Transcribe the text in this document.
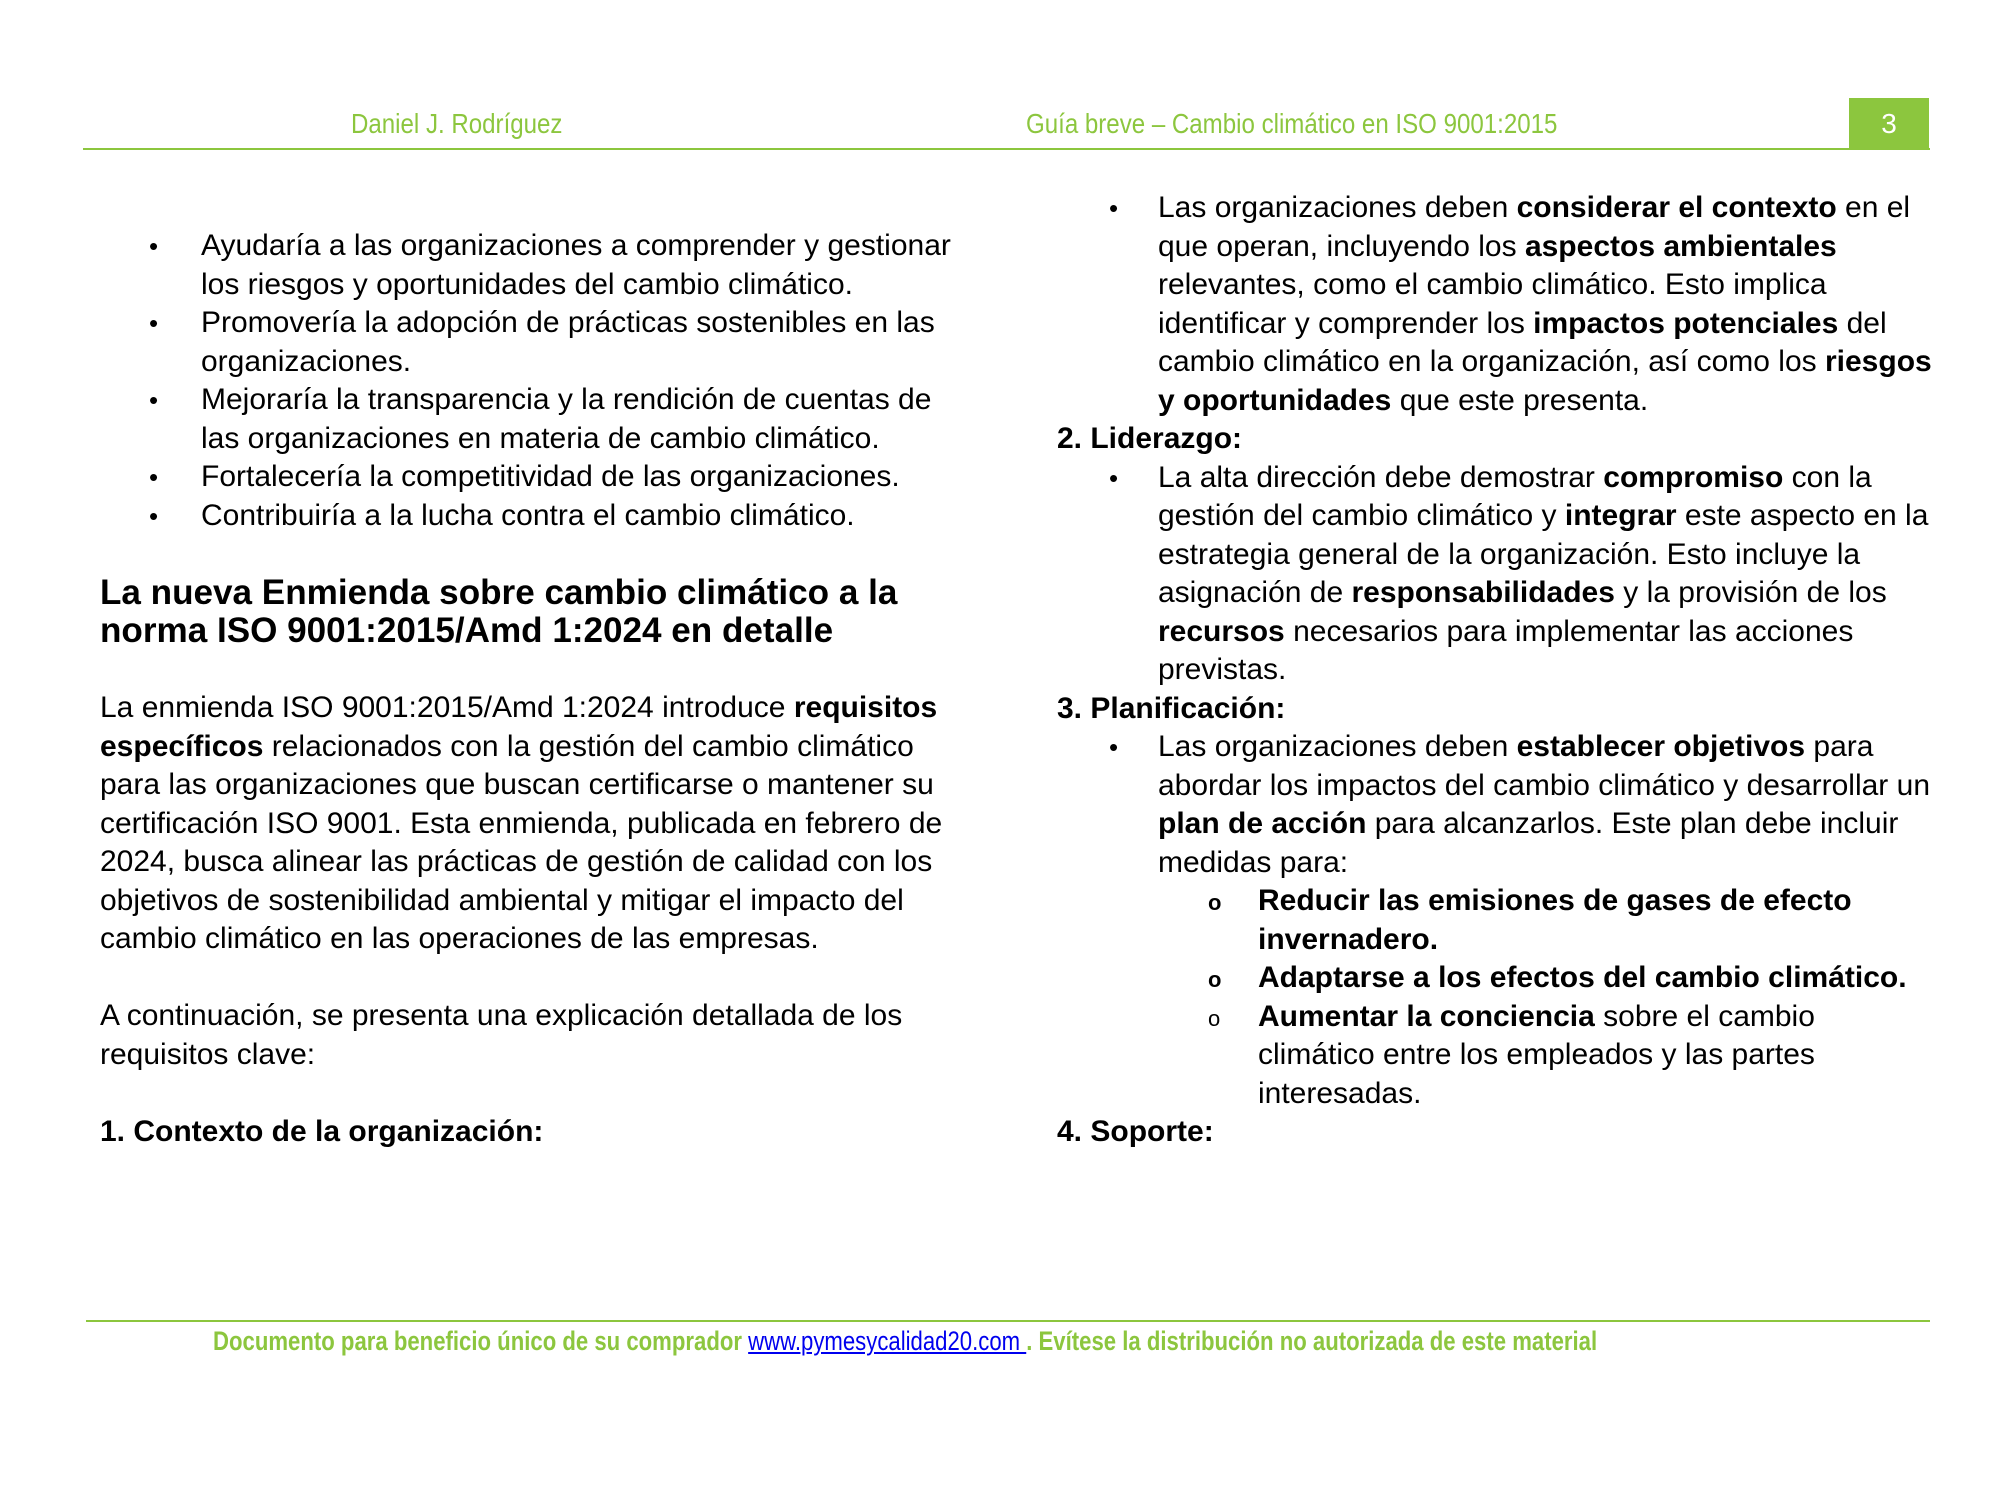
Daniel J. Rodríguez	Guía breve – Cambio climático en ISO 9001:2015	3
• Ayudaría a las organizaciones a comprender y gestionar los riesgos y oportunidades del cambio climático.
• Promovería la adopción de prácticas sostenibles en las organizaciones.
• Mejoraría la transparencia y la rendición de cuentas de las organizaciones en materia de cambio climático.
• Fortalecería la competitividad de las organizaciones.
• Contribuiría a la lucha contra el cambio climático.
La nueva Enmienda sobre cambio climático a la norma ISO 9001:2015/Amd 1:2024 en detalle

La enmienda ISO 9001:2015/Amd 1:2024 introduce requisitos específicos relacionados con la gestión del cambio climático para las organizaciones que buscan certificarse o mantener su certificación ISO 9001. Esta enmienda, publicada en febrero de 2024, busca alinear las prácticas de gestión de calidad con los objetivos de sostenibilidad ambiental y mitigar el impacto del cambio climático en las operaciones de las empresas.

A continuación, se presenta una explicación detallada de los requisitos clave:

1. Contexto de la organización:

• Las organizaciones deben considerar el contexto en el que operan, incluyendo los aspectos ambientales relevantes, como el cambio climático. Esto implica identificar y comprender los impactos potenciales del cambio climático en la organización, así como los riesgos y oportunidades que este presenta.

2. Liderazgo:

• La alta dirección debe demostrar compromiso con la gestión del cambio climático y integrar este aspecto en la estrategia general de la organización. Esto incluye la asignación de responsabilidades y la provisión de los recursos necesarios para implementar las acciones previstas.

3. Planificación:

• Las organizaciones deben establecer objetivos para abordar los impactos del cambio climático y desarrollar un plan de acción para alcanzarlos. Este plan debe incluir medidas para:
o Reducir las emisiones de gases de efecto invernadero.
o Adaptarse a los efectos del cambio climático.
o Aumentar la conciencia sobre el cambio climático entre los empleados y las partes interesadas.

4. Soporte:

Documento para beneficio único de su comprador www.pymesycalidad20.com . Evítese la distribución no autorizada de este material
